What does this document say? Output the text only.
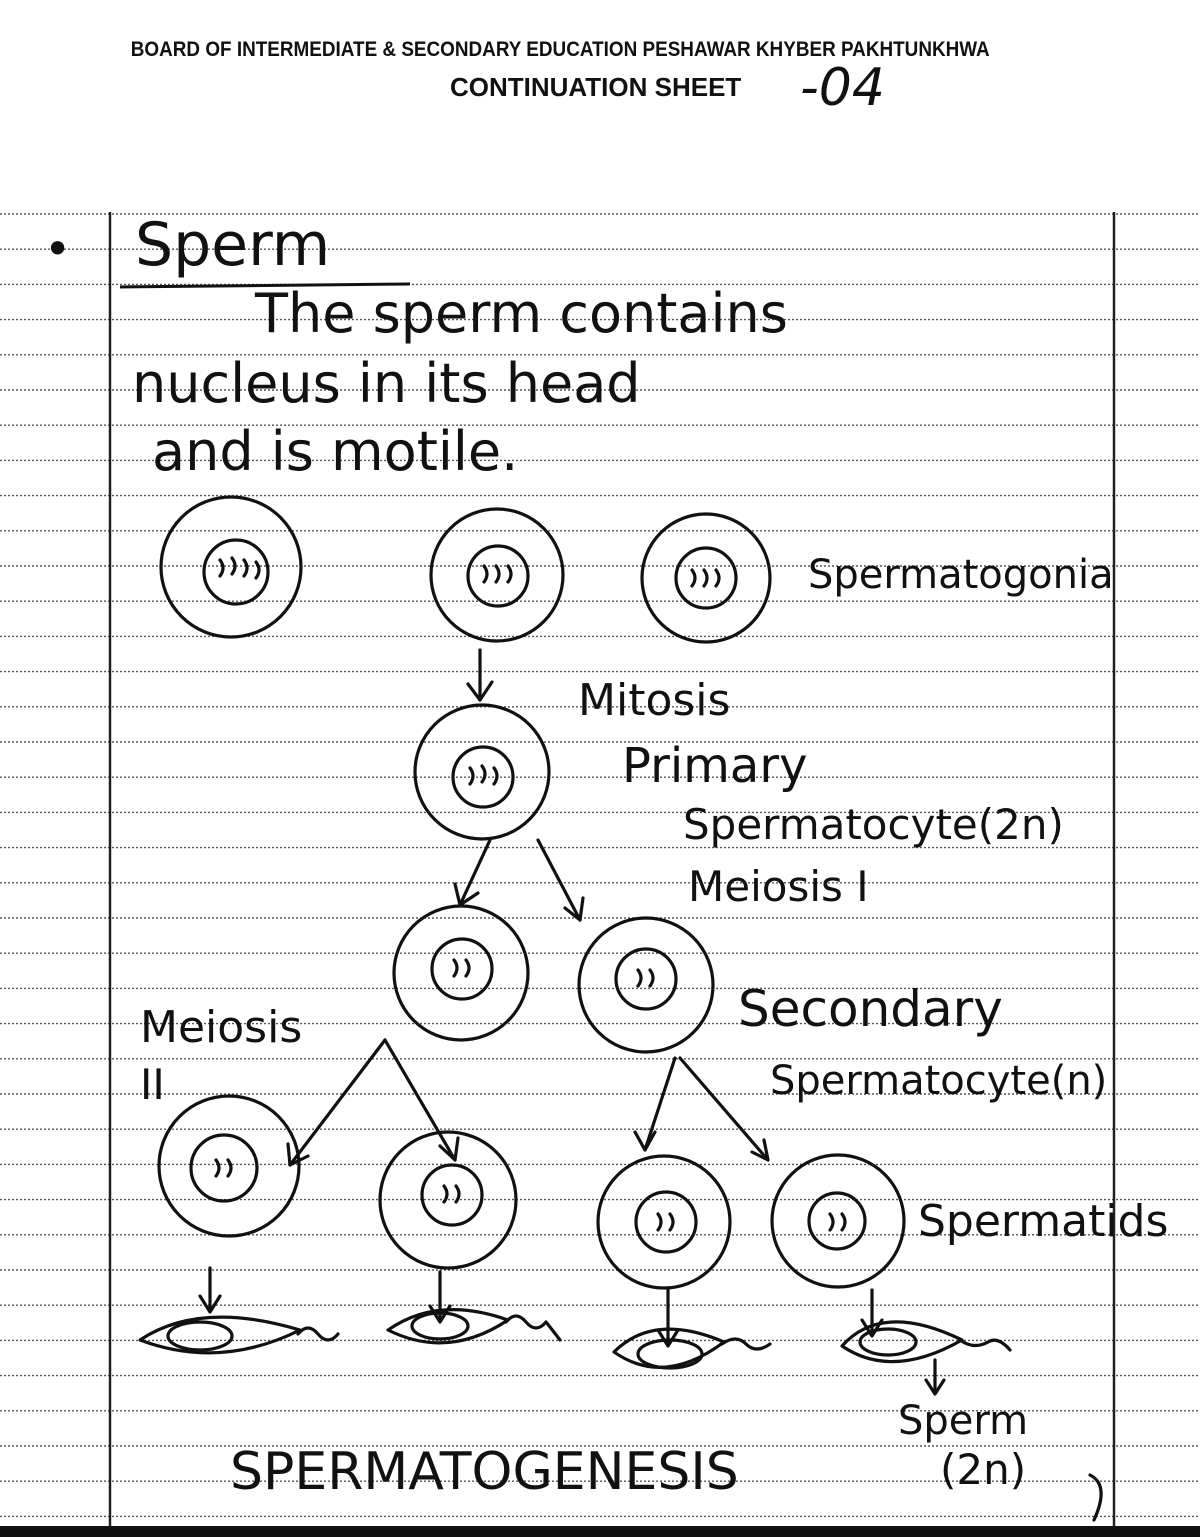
BOARD OF INTERMEDIATE & SECONDARY EDUCATION PESHAWAR KHYBER PAKHTUNKHWA
CONTINUATION SHEET -04
• Sperm
The sperm contains
nucleus in its head
and is motile.
Spermatogonia
Mitosis
Primary
Spermatocyte(2n)
Meiosis I
Meiosis
II
Secondary
Spermatocyte(n)
Spermatids
Sperm
(2n)
SPERMATOGENESIS
